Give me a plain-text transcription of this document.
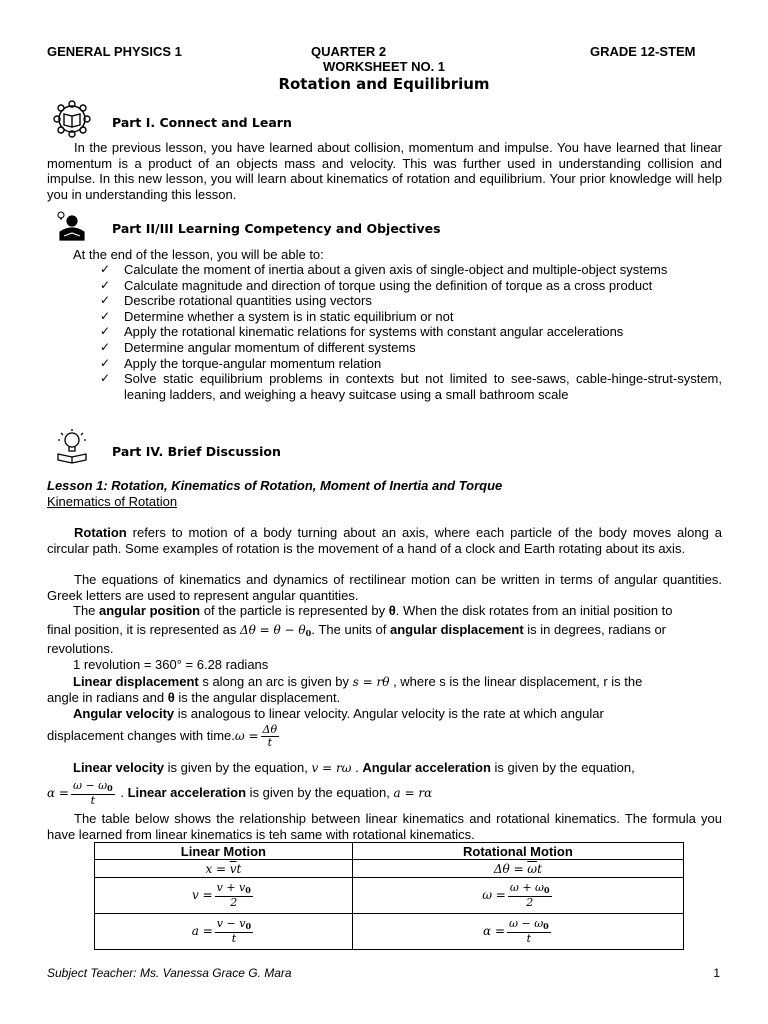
GENERAL PHYSICS 1	QUARTER 2	GRADE 12-STEM
WORKSHEET NO. 1
Rotation and Equilibrium
Part I. Connect and Learn
In the previous lesson, you have learned about collision, momentum and impulse. You have learned that linear momentum is a product of an objects mass and velocity. This was further used in understanding collision and impulse. In this new lesson, you will learn about kinematics of rotation and equilibrium. Your prior knowledge will help you in understanding this lesson.
Part II/III Learning Competency and Objectives
At the end of the lesson, you will be able to:
✓ Calculate the moment of inertia about a given axis of single-object and multiple-object systems
✓ Calculate magnitude and direction of torque using the definition of torque as a cross product
✓ Describe rotational quantities using vectors
✓ Determine whether a system is in static equilibrium or not
✓ Apply the rotational kinematic relations for systems with constant angular accelerations
✓ Determine angular momentum of different systems
✓ Apply the torque-angular momentum relation
✓ Solve static equilibrium problems in contexts but not limited to see-saws, cable-hinge-strut-system, leaning ladders, and weighing a heavy suitcase using a small bathroom scale
Part IV. Brief Discussion
Lesson 1: Rotation, Kinematics of Rotation, Moment of Inertia and Torque
Kinematics of Rotation
Rotation refers to motion of a body turning about an axis, where each particle of the body moves along a circular path. Some examples of rotation is the movement of a hand of a clock and Earth rotating about its axis.
The equations of kinematics and dynamics of rectilinear motion can be written in terms of angular quantities. Greek letters are used to represent angular quantities.
The angular position of the particle is represented by θ. When the disk rotates from an initial position to
final position, it is represented as $\Delta\theta = \theta - \theta_0$. The units of angular displacement is in degrees, radians or
revolutions.
1 revolution = 360° = 6.28 radians
Linear displacement s along an arc is given by s = rθ , where s is the linear displacement, r is the
angle in radians and θ is the angular displacement.
Angular velocity is analogous to linear velocity. Angular velocity is the rate at which angular
displacement changes with time.ω = $\frac{\Delta\theta}{t}$
Linear velocity is given by the equation, v = rω . Angular acceleration is given by the equation,
$\alpha = \frac{\omega - \omega_0}{t}$ . Linear acceleration is given by the equation, a = rα
The table below shows the relationship between linear kinematics and rotational kinematics. The formula you have learned from linear kinematics is teh same with rotational kinematics.
Linear Motion	Rotational Motion
$x = \overline{v}t$	$\Delta\theta = \overline{\omega}t$
$v = \frac{v + v_0}{2}$	$\omega = \frac{\omega + \omega_0}{2}$

$a = \frac{v - v_0}{t}$	$\alpha = \frac{\omega - \omega_0}{t}$
Subject Teacher: Ms. Vanessa Grace G. Mara	1
